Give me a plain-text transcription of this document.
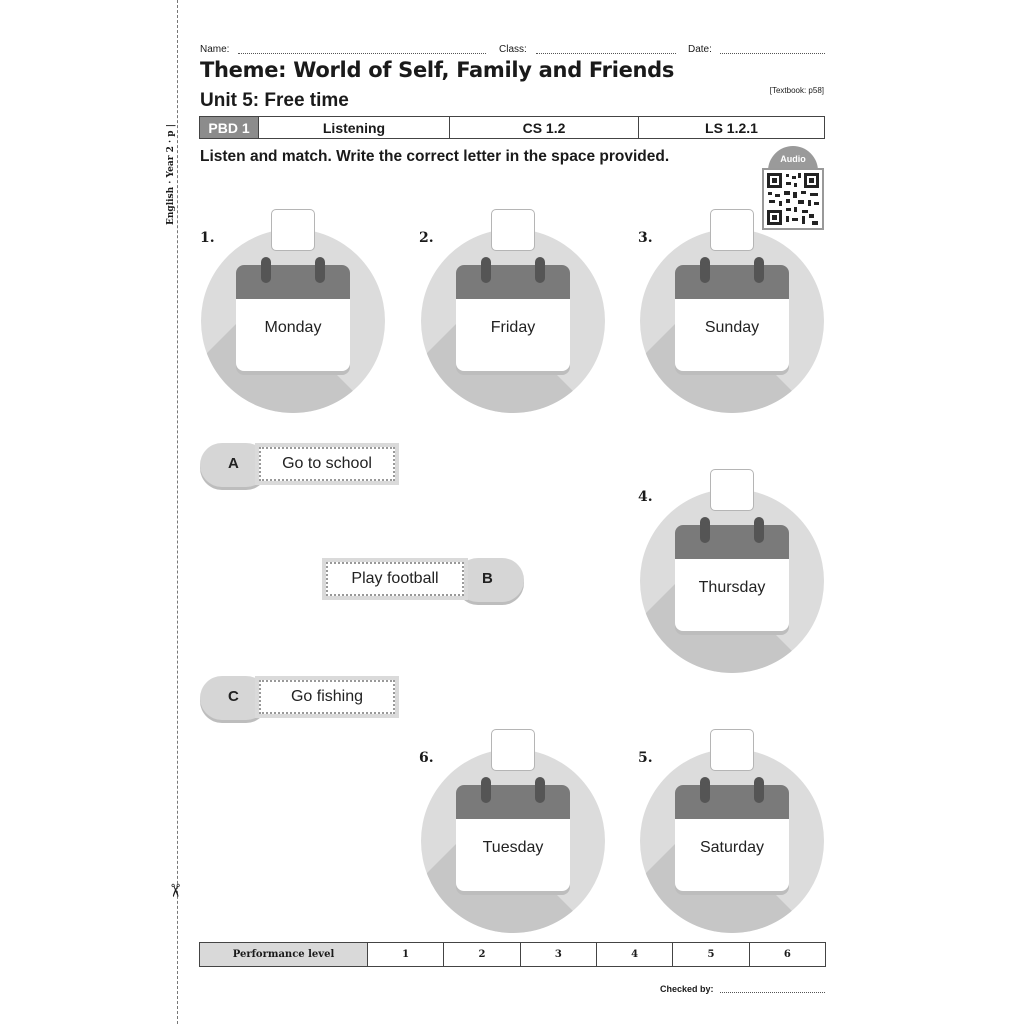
English · Year 2 · p |
✂
Name:	Class:	Date:
Theme: World of Self, Family and Friends
Unit 5: Free time	[Textbook: p58]
PBD 1	Listening	CS 1.2	LS 1.2.1
Listen and match. Write the correct letter in the space provided.	Audio
1.
Monday
2.
Friday
3.
Sunday
4.
Thursday
6.
Tuesday
5.
Saturday
A	Go to school
B
Play football
C	Go fishing
Performance level	1	2	3	4	5	6
Checked by:
